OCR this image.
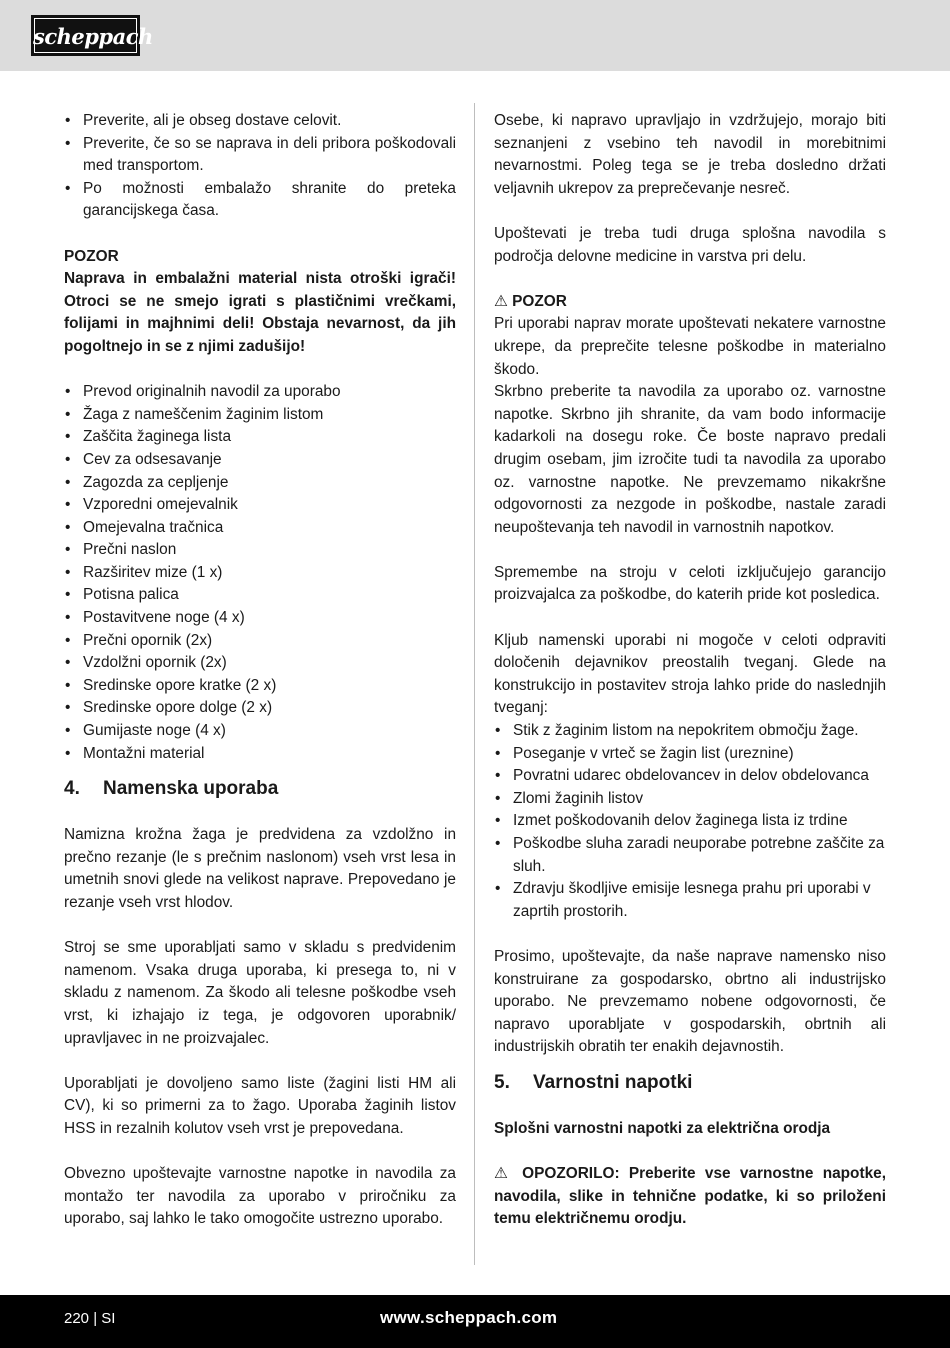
scheppach
• Preverite, ali je obseg dostave celovit.
• Preverite, če so se naprava in deli pribora poškodovali med transportom.
• Po možnosti embalažo shranite do preteka garancijskega časa.

POZOR

Naprava in embalažni material nista otroški igrači! Otroci se ne smejo igrati s plastičnimi vrečkami, folijami in majhnimi deli! Obstaja nevarnost, da jih pogoltnejo in se z njimi zadušijo!

• Prevod originalnih navodil za uporabo
• Žaga z nameščenim žaginim listom
• Zaščita žaginega lista
• Cev za odsesavanje
• Zagozda za cepljenje
• Vzporedni omejevalnik
• Omejevalna tračnica
• Prečni naslon
• Razširitev mize (1 x)
• Potisna palica
• Postavitvene noge (4 x)
• Prečni opornik (2x)
• Vzdolžni opornik (2x)
• Sredinske opore kratke (2 x)
• Sredinske opore dolge (2 x)
• Gumijaste noge (4 x)
• Montažni material
4. Namenska uporaba

Namizna krožna žaga je predvidena za vzdolžno in prečno rezanje (le s prečnim naslonom) vseh vrst lesa in umetnih snovi glede na velikost naprave. Prepovedano je rezanje vseh vrst hlodov.

Stroj se sme uporabljati samo v skladu s predvidenim namenom. Vsaka druga uporaba, ki presega to, ni v skladu z namenom. Za škodo ali telesne poškodbe vseh vrst, ki izhajajo iz tega, je odgovoren uporabnik/ upravljavec in ne proizvajalec.

Uporabljati je dovoljeno samo liste (žagini listi HM ali CV), ki so primerni za to žago. Uporaba žaginih listov HSS in rezalnih kolutov vseh vrst je prepovedana.

Obvezno upoštevajte varnostne napotke in navodila za montažo ter navodila za uporabo v priročniku za uporabo, saj lahko le tako omogočite ustrezno uporabo.

Osebe, ki napravo upravljajo in vzdržujejo, morajo biti seznanjeni z vsebino teh navodil in morebitnimi nevarnostmi. Poleg tega se je treba dosledno držati veljavnih ukrepov za preprečevanje nesreč.

Upoštevati je treba tudi druga splošna navodila s področja delovne medicine in varstva pri delu.

⚠ POZOR

Pri uporabi naprav morate upoštevati nekatere varnostne ukrepe, da preprečite telesne poškodbe in materialno škodo.

Skrbno preberite ta navodila za uporabo oz. varnostne napotke. Skrbno jih shranite, da vam bodo informacije kadarkoli na dosegu roke. Če boste napravo predali drugim osebam, jim izročite tudi ta navodila za uporabo oz. varnostne napotke. Ne prevzemamo nikakršne odgovornosti za nezgode in poškodbe, nastale zaradi neupoštevanja teh navodil in varnostnih napotkov.

Spremembe na stroju v celoti izključujejo garancijo proizvajalca za poškodbe, do katerih pride kot posledica.

Kljub namenski uporabi ni mogoče v celoti odpraviti določenih dejavnikov preostalih tveganj. Glede na konstrukcijo in postavitev stroja lahko pride do naslednjih tveganj:

• Stik z žaginim listom na nepokritem območju žage.
• Poseganje v vrteč se žagin list (ureznine)
• Povratni udarec obdelovancev in delov obdelovanca
• Zlomi žaginih listov
• Izmet poškodovanih delov žaginega lista iz trdine
• Poškodbe sluha zaradi neuporabe potrebne zaščite za sluh.
• Zdravju škodljive emisije lesnega prahu pri uporabi v zaprtih prostorih.

Prosimo, upoštevajte, da naše naprave namensko niso konstruirane za gospodarsko, obrtno ali industrijsko uporabo. Ne prevzemamo nobene odgovornosti, če napravo uporabljate v gospodarskih, obrtnih ali industrijskih obratih ter enakih dejavnostih.

5. Varnostni napotki

Splošni varnostni napotki za električna orodja

⚠ OPOZORILO: Preberite vse varnostne napotke, navodila, slike in tehnične podatke, ki so priloženi temu električnemu orodju.

220 | SI	www.scheppach.com
